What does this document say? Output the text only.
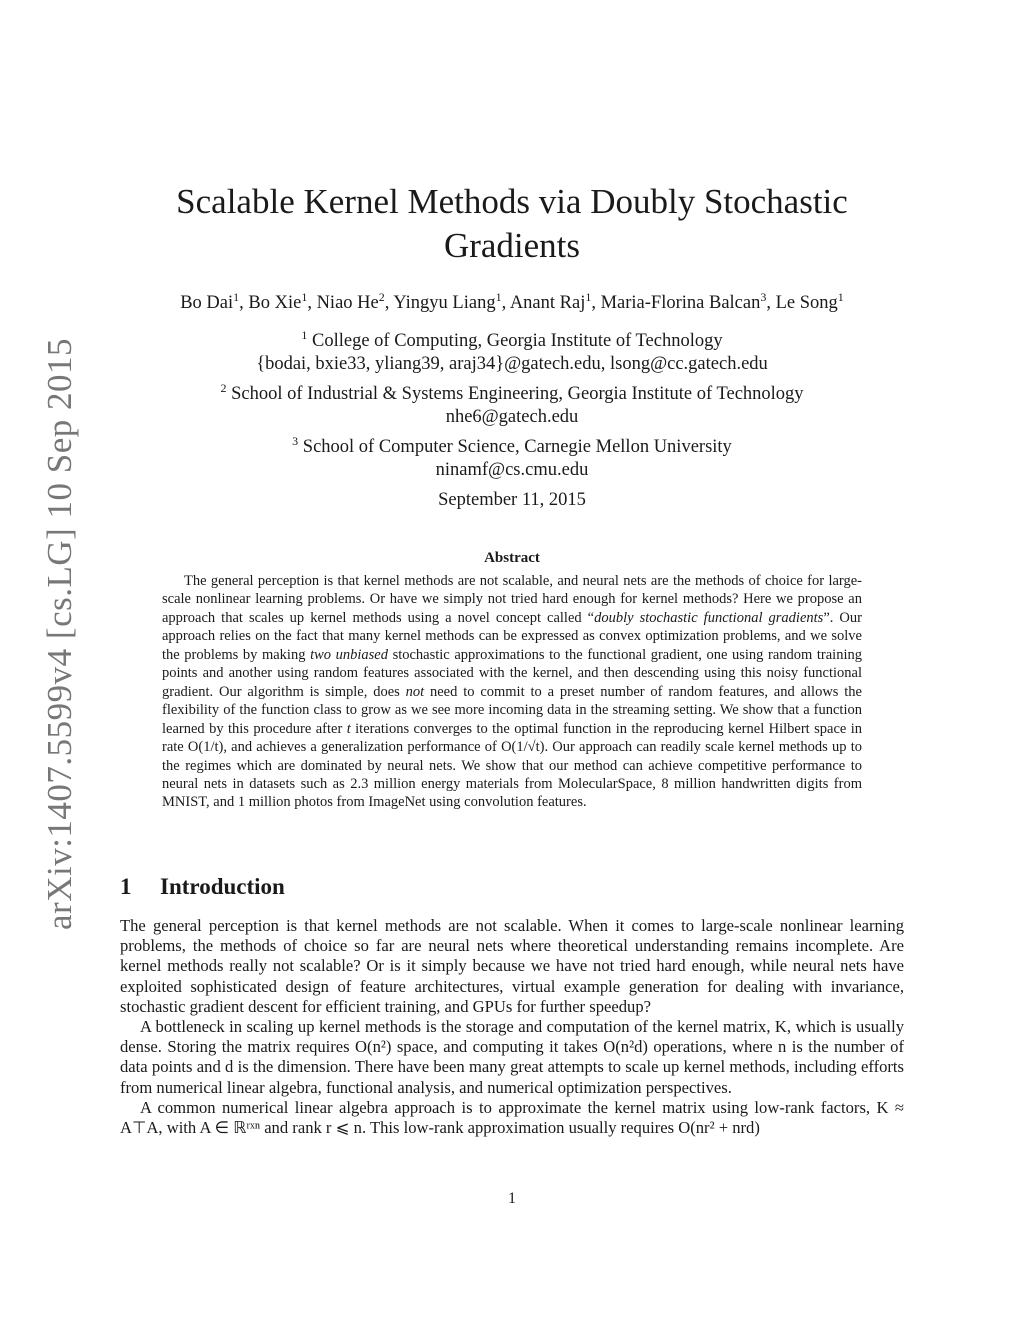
arXiv:1407.5599v4 [cs.LG] 10 Sep 2015
Scalable Kernel Methods via Doubly Stochastic Gradients
Bo Dai$^1$, Bo Xie$^1$, Niao He$^2$, Yingyu Liang$^1$, Anant Raj$^1$, Maria-Florina Balcan$^3$, Le Song$^1$
$^1$ College of Computing, Georgia Institute of Technology
{bodai, bxie33, yliang39, araj34}@gatech.edu, lsong@cc.gatech.edu
$^2$ School of Industrial & Systems Engineering, Georgia Institute of Technology
nhe6@gatech.edu
$^3$ School of Computer Science, Carnegie Mellon University
ninamf@cs.cmu.edu
September 11, 2015
Abstract
The general perception is that kernel methods are not scalable, and neural nets are the methods of choice for large-scale nonlinear learning problems. Or have we simply not tried hard enough for kernel methods? Here we propose an approach that scales up kernel methods using a novel concept called “doubly stochastic functional gradients”. Our approach relies on the fact that many kernel methods can be expressed as convex optimization problems, and we solve the problems by making two unbiased stochastic approximations to the functional gradient, one using random training points and another using random features associated with the kernel, and then descending using this noisy functional gradient. Our algorithm is simple, does not need to commit to a preset number of random features, and allows the flexibility of the function class to grow as we see more incoming data in the streaming setting. We show that a function learned by this procedure after t iterations converges to the optimal function in the reproducing kernel Hilbert space in rate O(1/t), and achieves a generalization performance of O(1/√t). Our approach can readily scale kernel methods up to the regimes which are dominated by neural nets. We show that our method can achieve competitive performance to neural nets in datasets such as 2.3 million energy materials from MolecularSpace, 8 million handwritten digits from MNIST, and 1 million photos from ImageNet using convolution features.
1 Introduction

The general perception is that kernel methods are not scalable. When it comes to large-scale nonlinear learning problems, the methods of choice so far are neural nets where theoretical understanding remains incomplete. Are kernel methods really not scalable? Or is it simply because we have not tried hard enough, while neural nets have exploited sophisticated design of feature architectures, virtual example generation for dealing with invariance, stochastic gradient descent for efficient training, and GPUs for further speedup?

A bottleneck in scaling up kernel methods is the storage and computation of the kernel matrix, K, which is usually dense. Storing the matrix requires O(n²) space, and computing it takes O(n²d) operations, where n is the number of data points and d is the dimension. There have been many great attempts to scale up kernel methods, including efforts from numerical linear algebra, functional analysis, and numerical optimization perspectives.

A common numerical linear algebra approach is to approximate the kernel matrix using low-rank factors, K ≈ A⊤A, with A ∈ ℝʳˣⁿ and rank r ⩽ n. This low-rank approximation usually requires O(nr² + nrd)

1
